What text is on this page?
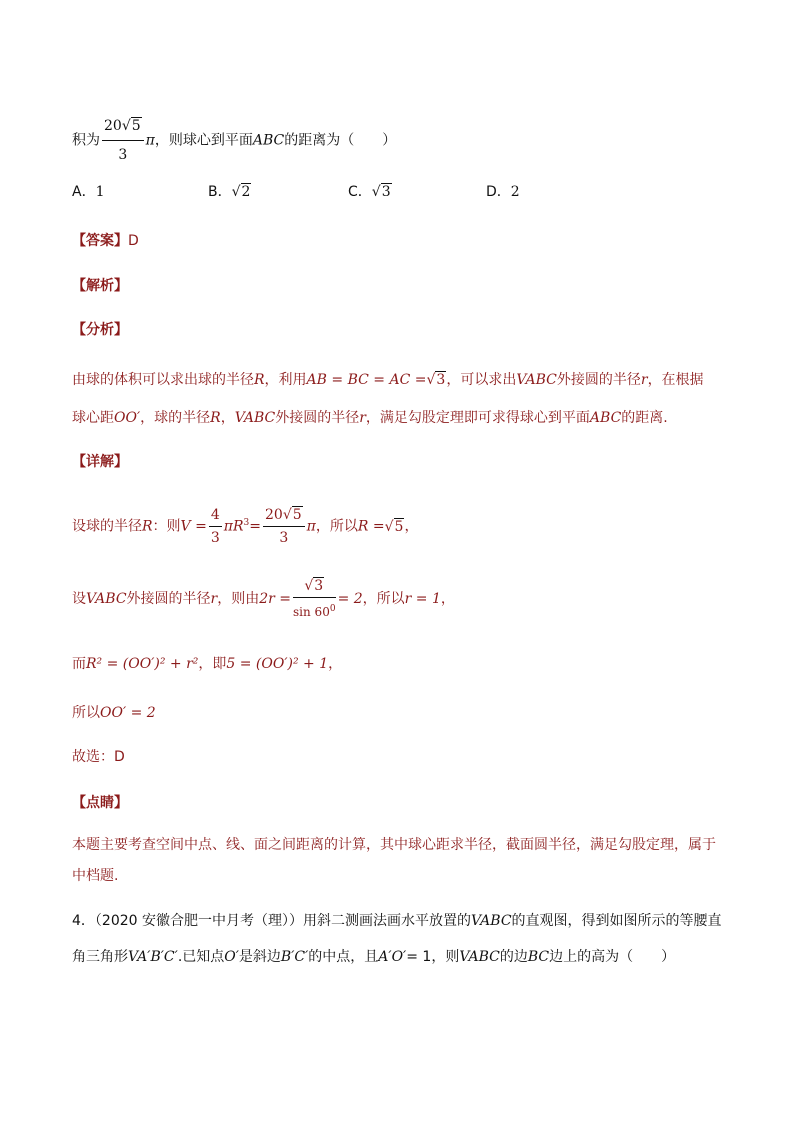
积为 $\frac{20√5}{3}$ π，则球心到平面ABC的距离为（　　）
A．1	B．√2	C．√3	D．2
【答案】D
【解析】
【分析】
由球的体积可以求出球的半径R，利用AB = BC = AC =√3，可以求出VABC外接圆的半径r，在根据
球心距OO′，球的半径R，VABC外接圆的半径r，满足勾股定理即可求得球心到平面ABC的距离.
【详解】
设球的半径R：则$V = \frac{4}{3} \pi R^3= \frac{20√5}{3}$ π，所以R =√5，
设VABC外接圆的半径r，则由$2r = \frac{√3}{\sin 60^0} = 2$，所以r = 1，
而R² = (OO′)² + r²，即5 = (OO′)² + 1，
所以OO′ = 2
故选：D
【点睛】
本题主要考查空间中点、线、面之间距离的计算，其中球心距求半径，截面圆半径，满足勾股定理，属于
中档题.
4．（2020 安徽合肥一中月考（理））用斜二测画法画水平放置的VABC的直观图，得到如图所示的等腰直
角三角形VA′B′C′.已知点O′是斜边B′C′的中点，且A′O′= 1，则VABC的边BC边上的高为（　　）
